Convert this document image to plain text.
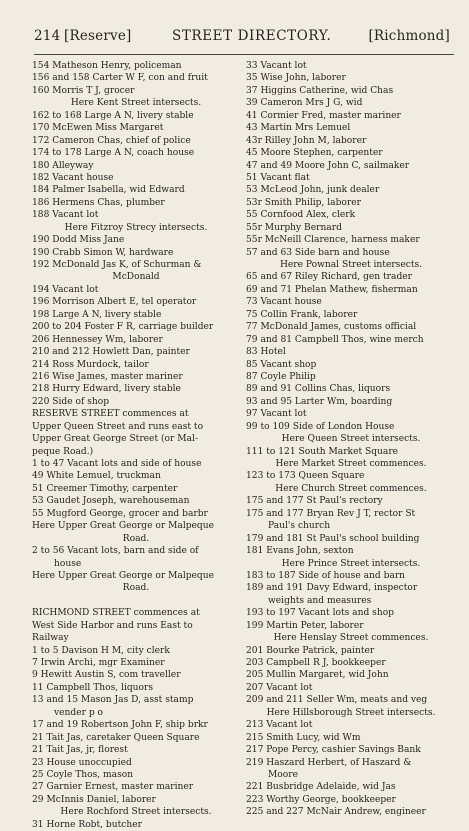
214 [Reserve]	STREET DIRECTORY.	[Richmond]
154 Matheson Henry, policeman
156 and 158 Carter W F, con and fruit
160 Morris T J, grocer
Here Kent Street intersects.
162 to 168 Large A N, livery stable
170 McEwen Miss Margaret
172 Cameron Chas, chief of police
174 to 178 Large A N, coach house
180 Alleyway
182 Vacant house
184 Palmer Isabella, wid Edward
186 Hermens Chas, plumber
188 Vacant lot
Here Fitzroy Strecy intersects.
190 Dodd Miss Jane
190 Crabb Simon W, hardware
192 McDonald Jas K, of Schurman &
McDonald
194 Vacant lot
196 Morrison Albert E, tel operator
198 Large A N, livery stable
200 to 204 Foster F R, carriage builder
206 Hennessey Wm, laborer
210 and 212 Howlett Dan, painter
214 Ross Murdock, tailor
216 Wise James, master mariner
218 Hurry Edward, livery stable
220 Side of shop
RESERVE STREET commences at
Upper Queen Street and runs east to
Upper Great George Street (or Mal-
peque Road.)
1 to 47 Vacant lots and side of house
49 White Lemuel, truckman
51 Creemer Timothy, carpenter
53 Gaudet Joseph, warehouseman
55 Mugford George, grocer and barbr
Here Upper Great George or Malpeque
Road.
2 to 56 Vacant lots, barn and side of
house
Here Upper Great George or Malpeque
Road.
RICHMOND STREET commences at
West Side Harbor and runs East to
Railway
1 to 5 Davison H M, city clerk
7 Irwin Archi, mgr Examiner
9 Hewitt Austin S, com traveller
11 Campbell Thos, liquors
13 and 15 Mason Jas D, asst stamp
vender p o
17 and 19 Robertson John F, ship brkr
21 Tait Jas, caretaker Queen Square
21 Tait Jas, jr, florest
23 House unoccupied
25 Coyle Thos, mason
27 Garnier Ernest, master mariner
29 McInnis Daniel, laborer
Here Rochford Street intersects.
31 Horne Robt, butcher
33 Vacant lot
35 Wise John, laborer
37 Higgins Catherine, wid Chas
39 Cameron Mrs J G, wid
41 Cormier Fred, master mariner
43 Martin Mrs Lemuel
43r Rilley John M, laborer
45 Moore Stephen, carpenter
47 and 49 Moore John C, sailmaker
51 Vacant flat
53 McLeod John, junk dealer
53r Smith Philip, laborer
55 Cornfood Alex, clerk
55r Murphy Bernard
55r McNeill Clarence, harness maker
57 and 63 Side barn and house
Here Pownal Street intersects.
65 and 67 Riley Richard, gen trader
69 and 71 Phelan Mathew, fisherman
73 Vacant house
75 Collin Frank, laborer
77 McDonald James, customs official
79 and 81 Campbell Thos, wine merch
83 Hotel
85 Vacant shop
87 Coyle Philip
89 and 91 Collins Chas, liquors
93 and 95 Larter Wm, boarding
97 Vacant lot
99 to 109 Side of London House
Here Queen Street intersects.
111 to 121 South Market Square
Here Market Street commences.
123 to 173 Queen Square
Here Church Street commences.
175 and 177 St Paul's rectory
175 and 177 Bryan Rev J T, rector St
Paul's church
179 and 181 St Paul's school building
181 Evans John, sexton
Here Prince Street intersects.
183 to 187 Side of house and barn
189 and 191 Davy Edward, inspector
weights and measures
193 to 197 Vacant lots and shop
199 Martin Peter, laborer
Here Henslay Street commences.
201 Bourke Patrick, painter
203 Campbell R J, bookkeeper
205 Mullin Margaret, wid John
207 Vacant lot
209 and 211 Seller Wm, meats and veg
Here Hillsborough Street intersects.
213 Vacant lot
215 Smith Lucy, wid Wm
217 Pope Percy, cashier Savings Bank
219 Haszard Herbert, of Haszard &
Moore
221 Busbridge Adelaide, wid Jas
223 Worthy George, bookkeeper
225 and 227 McNair Andrew, engineer
